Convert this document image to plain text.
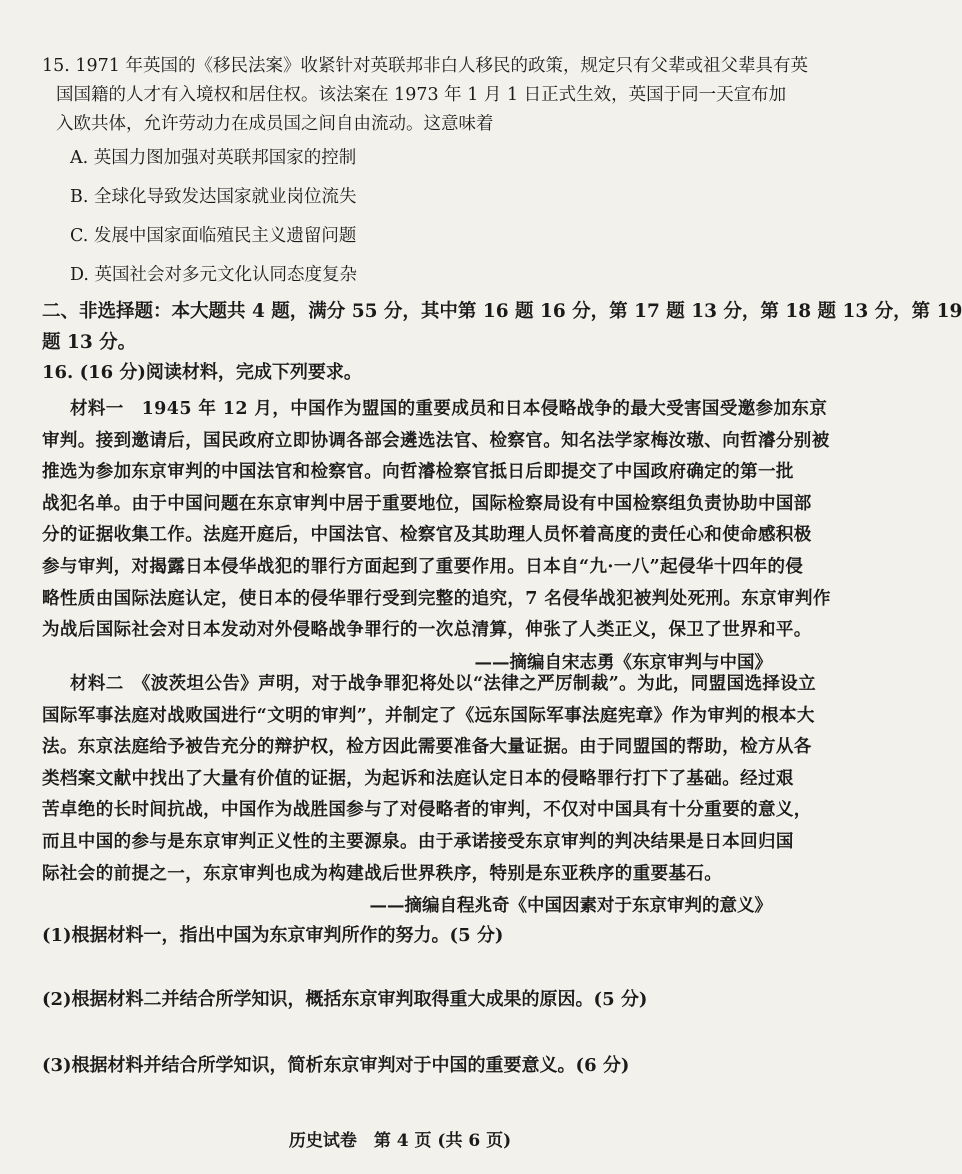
15. 1971 年英国的《移民法案》收紧针对英联邦非白人移民的政策，规定只有父辈或祖父辈具有英
国国籍的人才有入境权和居住权。该法案在 1973 年 1 月 1 日正式生效，英国于同一天宣布加
入欧共体，允许劳动力在成员国之间自由流动。这意味着
A. 英国力图加强对英联邦国家的控制
B. 全球化导致发达国家就业岗位流失
C. 发展中国家面临殖民主义遗留问题
D. 英国社会对多元文化认同态度复杂
二、非选择题：本大题共 4 题，满分 55 分，其中第 16 题 16 分，第 17 题 13 分，第 18 题 13 分，第 19
题 13 分。
16. (16 分)阅读材料，完成下列要求。
材料一　1945 年 12 月，中国作为盟国的重要成员和日本侵略战争的最大受害国受邀参加东京
审判。接到邀请后，国民政府立即协调各部会遴选法官、检察官。知名法学家梅汝璈、向哲濬分别被
推选为参加东京审判的中国法官和检察官。向哲濬检察官抵日后即提交了中国政府确定的第一批
战犯名单。由于中国问题在东京审判中居于重要地位，国际检察局设有中国检察组负责协助中国部
分的证据收集工作。法庭开庭后，中国法官、检察官及其助理人员怀着高度的责任心和使命感积极
参与审判，对揭露日本侵华战犯的罪行方面起到了重要作用。日本自“九·一八”起侵华十四年的侵
略性质由国际法庭认定，使日本的侵华罪行受到完整的追究，7 名侵华战犯被判处死刑。东京审判作
为战后国际社会对日本发动对外侵略战争罪行的一次总清算，伸张了人类正义，保卫了世界和平。
——摘编自宋志勇《东京审判与中国》
材料二　《波茨坦公告》声明，对于战争罪犯将处以“法律之严厉制裁”。为此，同盟国选择设立
国际军事法庭对战败国进行“文明的审判”，并制定了《远东国际军事法庭宪章》作为审判的根本大
法。东京法庭给予被告充分的辩护权，检方因此需要准备大量证据。由于同盟国的帮助，检方从各
类档案文献中找出了大量有价值的证据，为起诉和法庭认定日本的侵略罪行打下了基础。经过艰
苦卓绝的长时间抗战，中国作为战胜国参与了对侵略者的审判，不仅对中国具有十分重要的意义，
而且中国的参与是东京审判正义性的主要源泉。由于承诺接受东京审判的判决结果是日本回归国
际社会的前提之一，东京审判也成为构建战后世界秩序，特别是东亚秩序的重要基石。
——摘编自程兆奇《中国因素对于东京审判的意义》
(1)根据材料一，指出中国为东京审判所作的努力。(5 分)
(2)根据材料二并结合所学知识，概括东京审判取得重大成果的原因。(5 分)
(3)根据材料并结合所学知识，简析东京审判对于中国的重要意义。(6 分)
历史试卷　第 4 页 (共 6 页)
